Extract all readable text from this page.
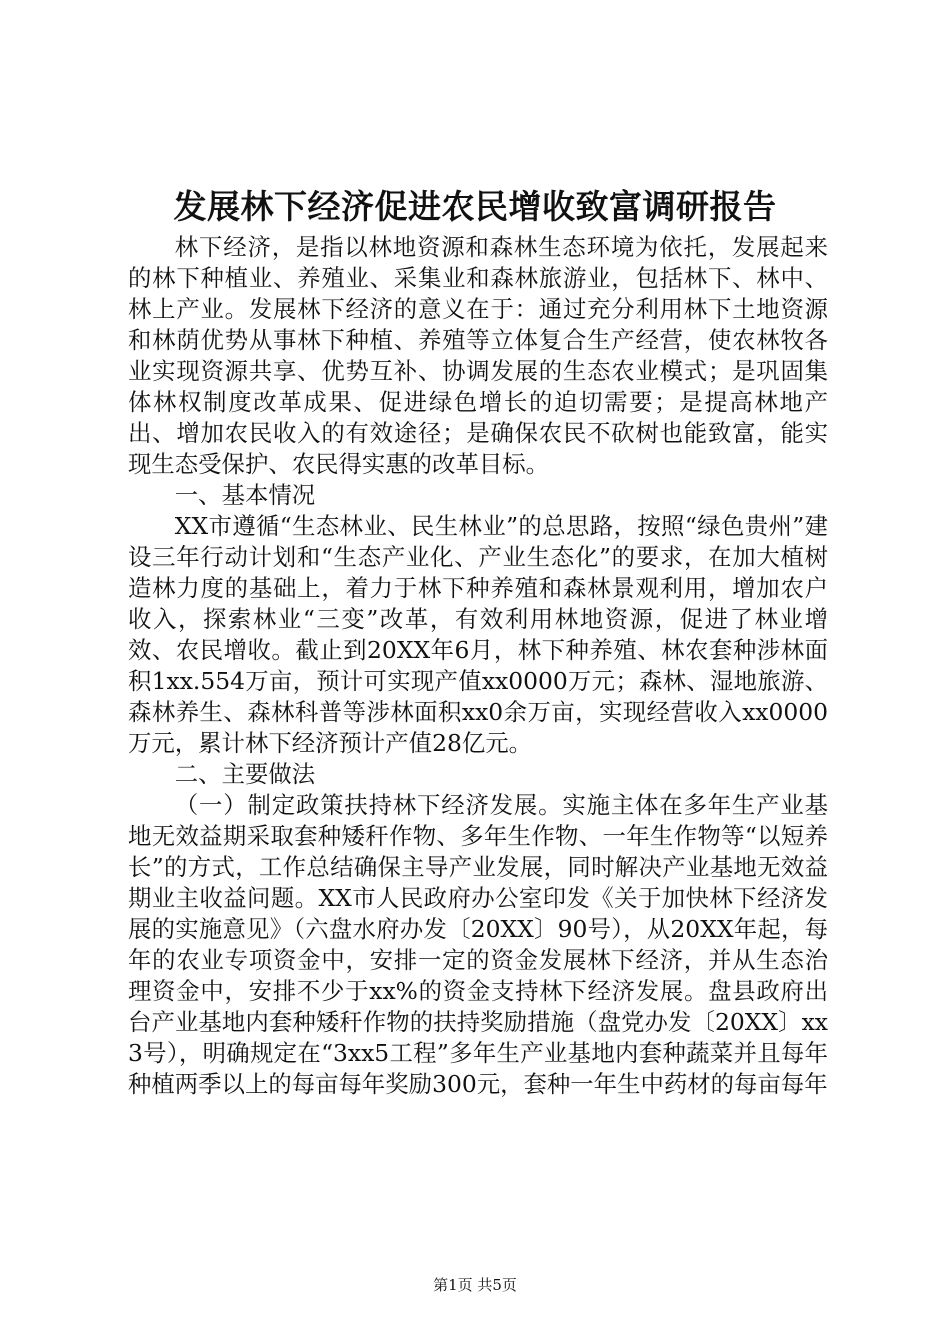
发展林下经济促进农民增收致富调研报告

林下经济，是指以林地资源和森林生态环境为依托，发展起来的林下种植业、养殖业、采集业和森林旅游业，包括林下、林中、林上产业。发展林下经济的意义在于：通过充分利用林下土地资源和林荫优势从事林下种植、养殖等立体复合生产经营，使农林牧各业实现资源共享、优势互补、协调发展的生态农业模式；是巩固集体林权制度改革成果、促进绿色增长的迫切需要；是提高林地产出、增加农民收入的有效途径；是确保农民不砍树也能致富，能实现生态受保护、农民得实惠的改革目标。

一、基本情况

XX市遵循“生态林业、民生林业”的总思路，按照“绿色贵州”建设三年行动计划和“生态产业化、产业生态化”的要求，在加大植树造林力度的基础上，着力于林下种养殖和森林景观利用，增加农户收入，探索林业“三变”改革，有效利用林地资源，促进了林业增效、农民增收。截止到20XX年6月，林下种养殖、林农套种涉林面积1xx.554万亩，预计可实现产值xx0000万元；森林、湿地旅游、森林养生、森林科普等涉林面积xx0余万亩，实现经营收入xx0000万元，累计林下经济预计产值28亿元。

二、主要做法

（一）制定政策扶持林下经济发展。实施主体在多年生产业基地无效益期采取套种矮秆作物、多年生作物、一年生作物等“以短养长”的方式，工作总结确保主导产业发展，同时解决产业基地无效益期业主收益问题。XX市人民政府办公室印发《关于加快林下经济发展的实施意见》（六盘水府办发〔20XX〕90号），从20XX年起，每年的农业专项资金中，安排一定的资金发展林下经济，并从生态治理资金中，安排不少于xx%的资金支持林下经济发展。盘县政府出台产业基地内套种矮秆作物的扶持奖励措施（盘党办发〔20XX〕xx3号），明确规定在“3xx5工程”多年生产业基地内套种蔬菜并且每年种植两季以上的每亩每年奖励300元，套种一年生中药材的每亩每年

第1页 共5页
